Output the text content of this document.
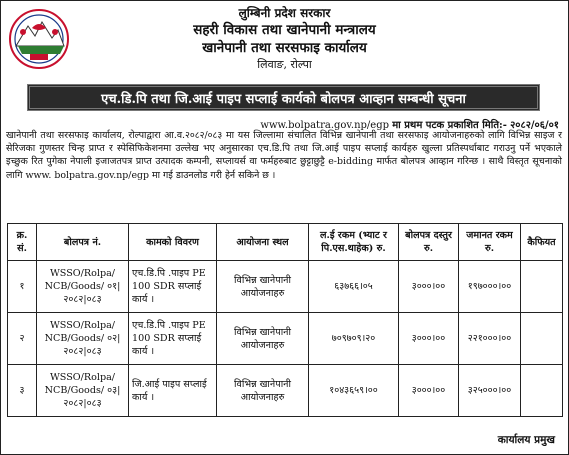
लुम्बिनी प्रदेश सरकार
सहरी विकास तथा खानेपानी मन्त्रालय
खानेपानी तथा सरसफाइ कार्यालय
लिवाङ, रोल्पा
एच.डि.पि तथा जि.आई पाइप सप्लाई कार्यको बोलपत्र आव्हान सम्बन्धी सूचना
www.bolpatra.gov.np/egp मा प्रथम पटक प्रकाशित मिति:- २०८२/०६/०१
खानेपानी तथा सरसफाइ कार्यालय, रोल्पाद्वारा आ.व.२०८२/०८३ मा यस जिल्लामा संचालित विभिन्न खानेपानी तथा सरसफाइ आयोजनाहरुको लागि विभिन्न साइज र सेरिजका गुणस्तर चिन्ह प्राप्त र स्पेसिफिकेशनमा उल्लेख भए अनुसारका एच.डि.पि तथा जि.आई पाइप सप्लाई कार्यहरु खुल्ला प्रतिस्पर्धाबाट गराउनु पर्ने भएकाले इच्छुक रित पुगेका नेपाली इजाजतपत्र प्राप्त उत्पादक कम्पनी, सप्लायर्स वा फर्महरुबाट छुट्टाछुट्टै e-bidding मार्फत बोलपत्र आव्हान गरिन्छ । साथै विस्तृत सूचनाको लागि www. bolpatra.gov.np/egp मा गई डाउनलोड गरी हेर्न सकिने छ ।
क्र. सं.	बोलपत्र नं.	कामको विवरण	आयोजना स्थल	ल.ई रकम (भ्याट र पि.एस.थाहेक) रु.	बोलपत्र दस्तुर रु.	जमानत रकम रु.	कैफियत
१	WSSO/Rolpa/ NCB/Goods/ ०१|२०८२|०८३	एच.डि.पि .पाइप PE 100 SDR सप्लाई कार्य ।	विभिन्न खानेपानी आयोजनाहरु	६३७६६।०५	३०००।००	१९७०००।००	
२	WSSO/Rolpa/ NCB/Goods/ ०२|२०८२|०८३	एच.डि.पि .पाइप PE 100 SDR सप्लाई कार्य ।	विभिन्न खानेपानी आयोजनाहरु	७०९७०९।२०	३०००।००	२२१०००।००	
३	WSSO/Rolpa/ NCB/Goods/ ०३|२०८२|०८३	जि.आई पाइप सप्लाई कार्य ।	विभिन्न खानेपानी आयोजनाहरु	१०४३६५९।००	३०००।००	३२५०००।००	
कार्यालय प्रमुख
